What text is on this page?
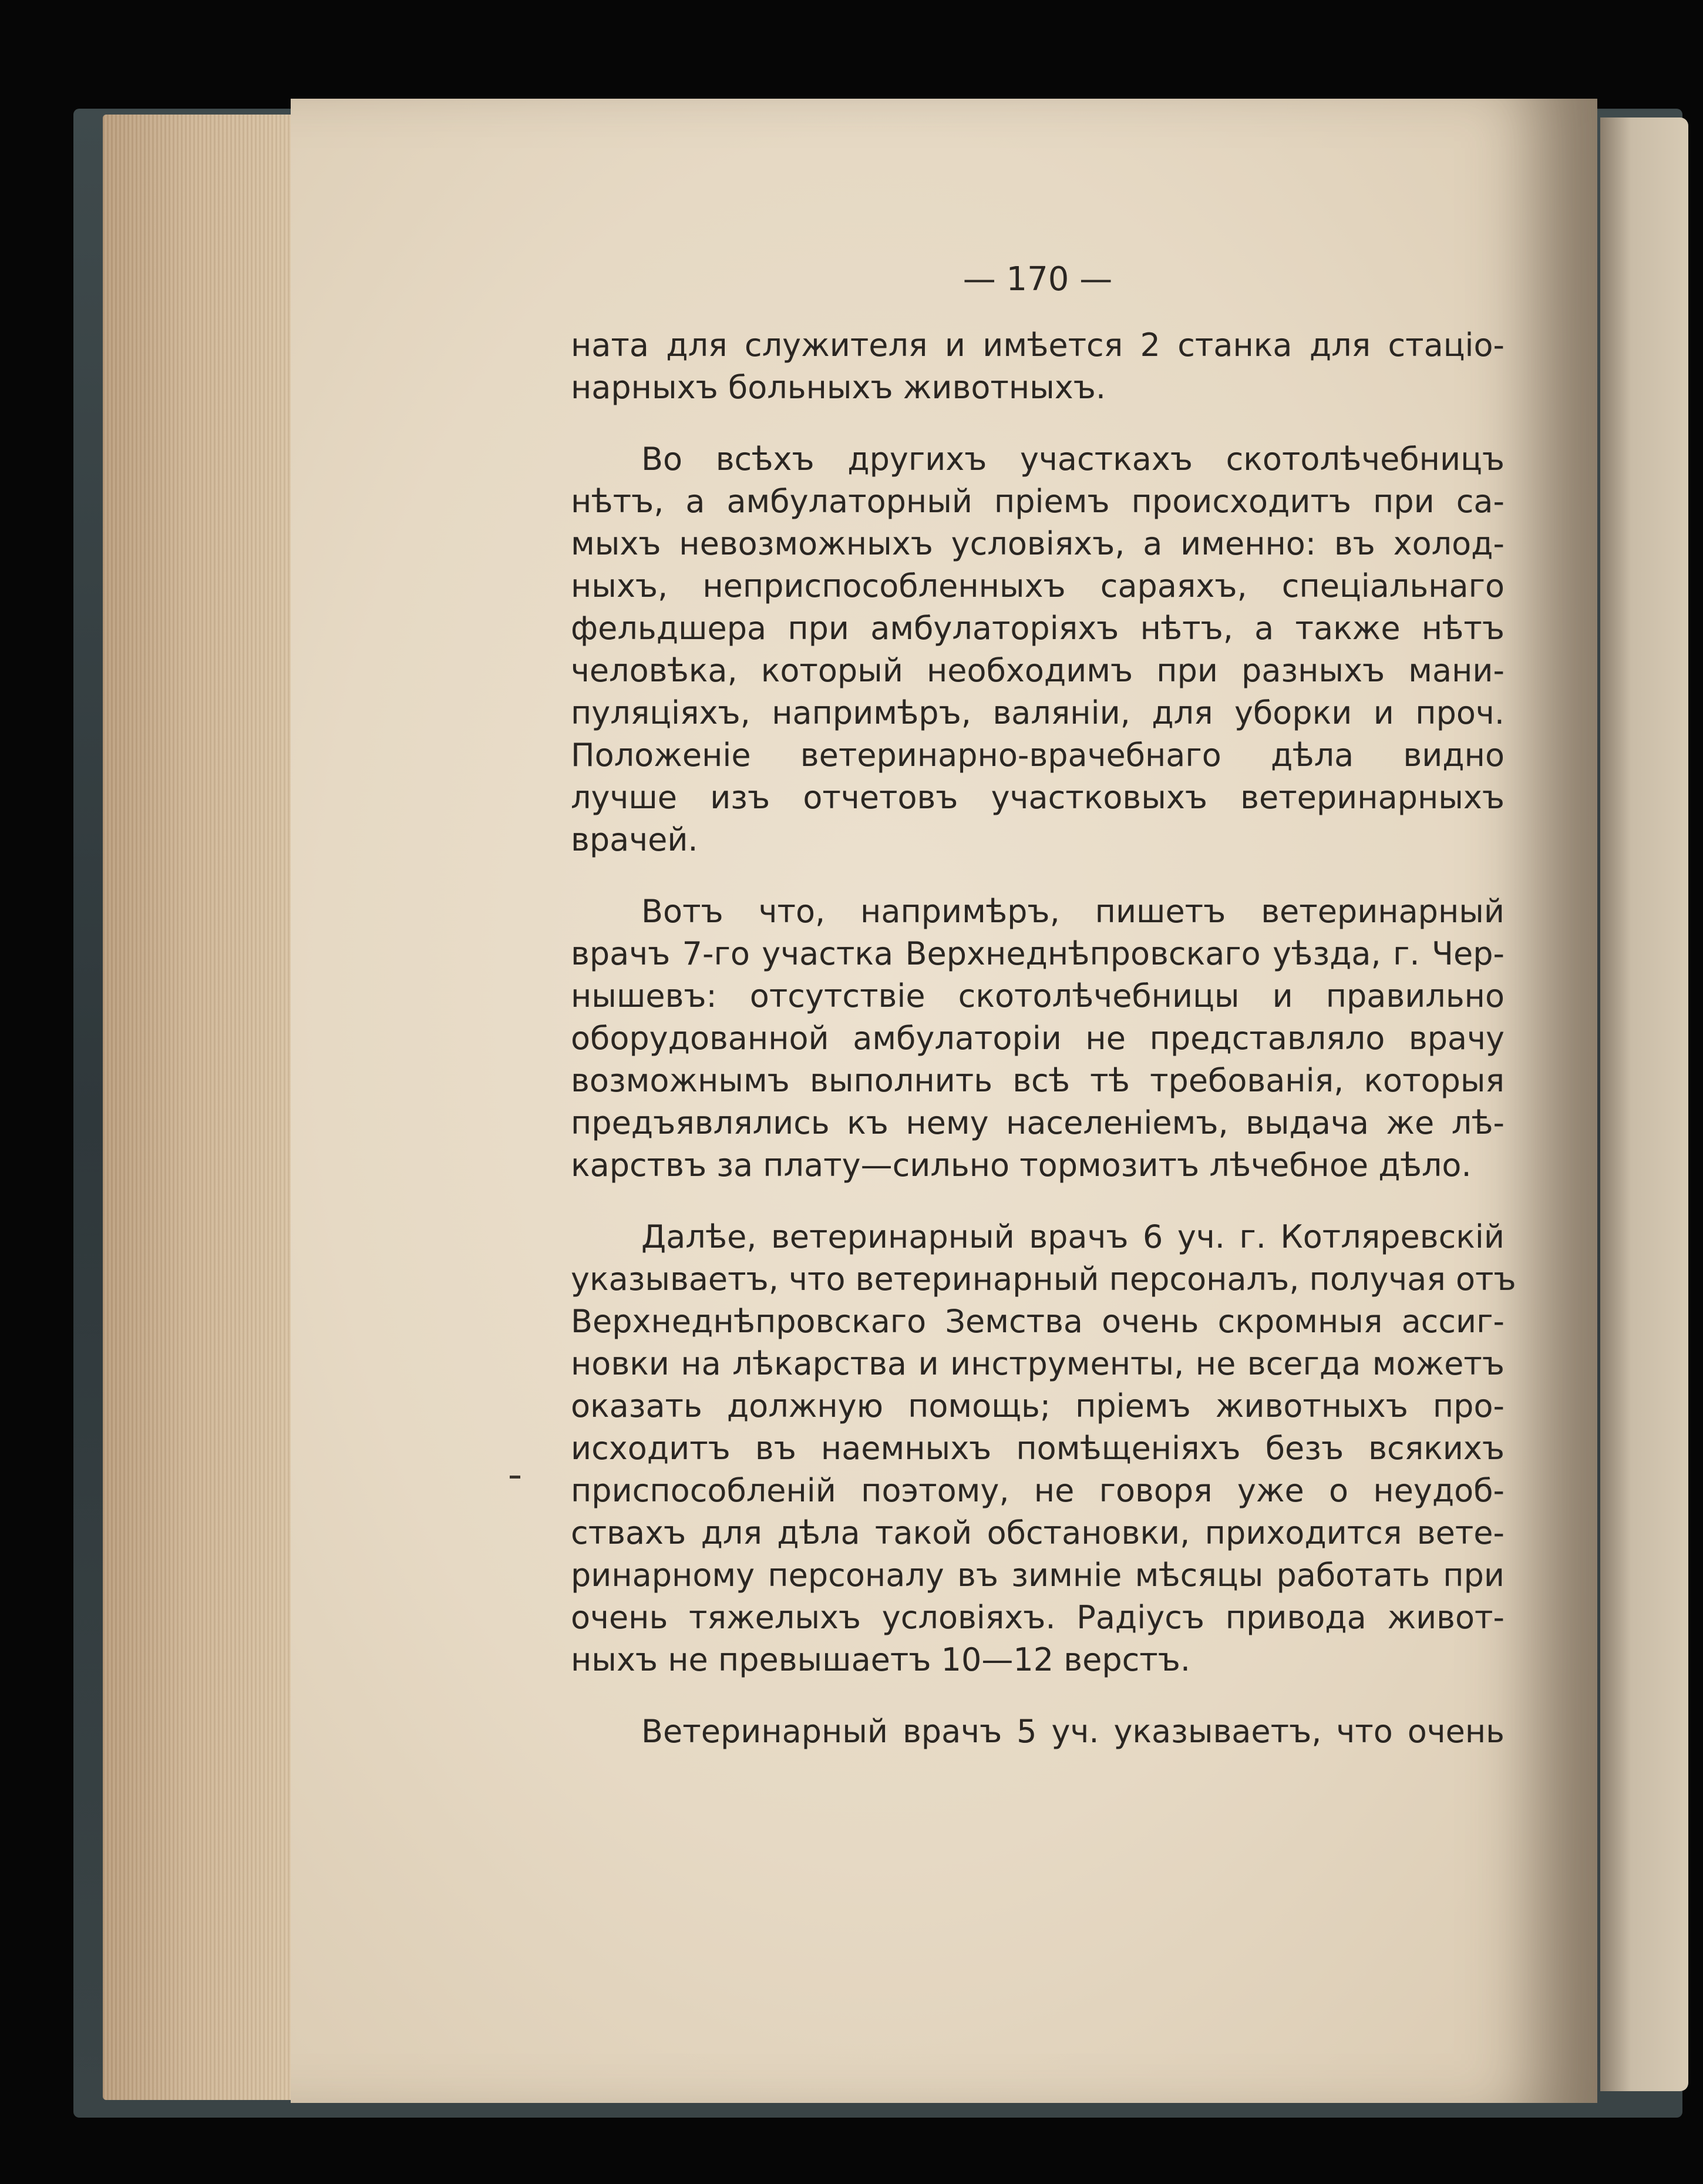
— 170 —
ната для служителя и имѣется 2 станка для стаціо-
нарныхъ больныхъ животныхъ.
Во всѣхъ другихъ участкахъ скотолѣчебницъ
нѣтъ, а амбулаторный пріемъ происходитъ при са-
мыхъ невозможныхъ условіяхъ, а именно: въ холод-
ныхъ, неприспособленныхъ сараяхъ, спеціальнаго
фельдшера при амбулаторіяхъ нѣтъ, а также нѣтъ
человѣка, который необходимъ при разныхъ мани-
пуляціяхъ, напримѣръ, валяніи, для уборки и проч.
Положеніе ветеринарно-врачебнаго дѣла видно
лучше изъ отчетовъ участковыхъ ветеринарныхъ
врачей.
Вотъ что, напримѣръ, пишетъ ветеринарный
врачъ 7-го участка Верхнеднѣпровскаго уѣзда, г. Чер-
нышевъ: отсутствіе скотолѣчебницы и правильно
оборудованной амбулаторіи не представляло врачу
возможнымъ выполнить всѣ тѣ требованія, которыя
предъявлялись къ нему населеніемъ, выдача же лѣ-
карствъ за плату—сильно тормозитъ лѣчебное дѣло.
Далѣе, ветеринарный врачъ 6 уч. г. Котляревскій
указываетъ, что ветеринарный персоналъ, получая отъ
Верхнеднѣпровскаго Земства очень скромныя ассиг-
новки на лѣкарства и инструменты, не всегда можетъ
оказать должную помощь; пріемъ животныхъ про-
исходитъ въ наемныхъ помѣщеніяхъ безъ всякихъ
приспособленій поэтому, не говоря уже о неудоб-
ствахъ для дѣла такой обстановки, приходится вете-
ринарному персоналу въ зимніе мѣсяцы работать при
очень тяжелыхъ условіяхъ. Радіусъ привода живот-
ныхъ не превышаетъ 10—12 верстъ.
Ветеринарный врачъ 5 уч. указываетъ, что очень
